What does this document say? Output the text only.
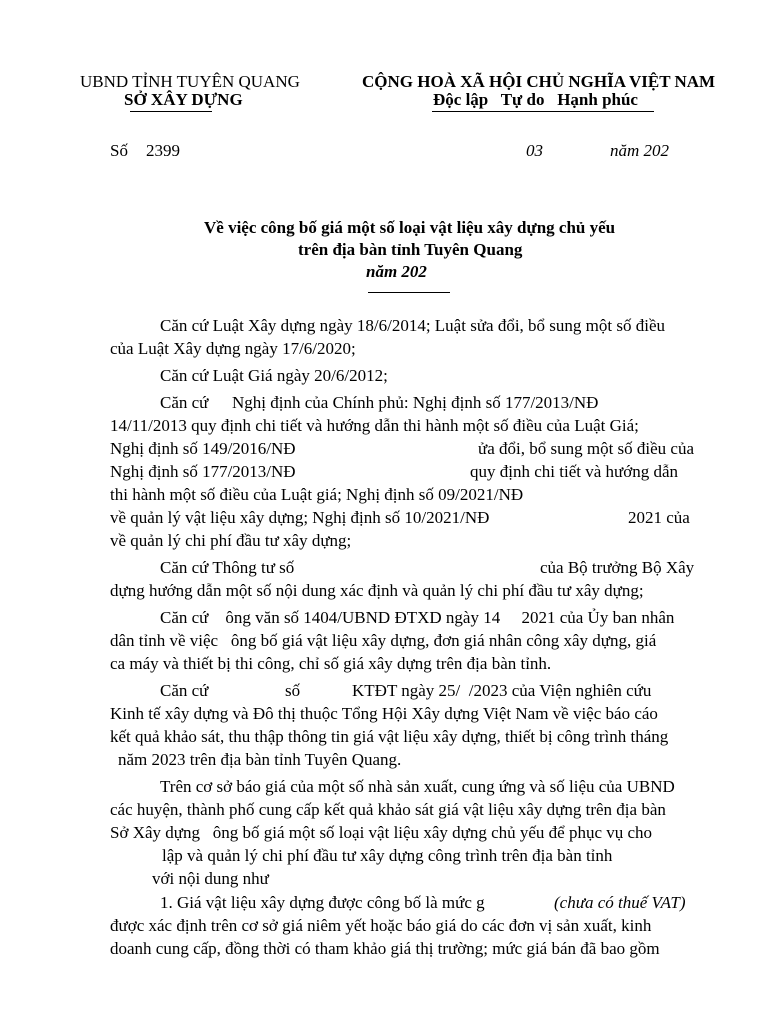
UBND TỈNH TUYÊN QUANG
SỞ XÂY DỰNG
CỘNG HOÀ XÃ HỘI CHỦ NGHĨA VIỆT NAM
Độc lập   Tự do   Hạnh phúc
Số 2399	03	năm 202
Về việc công bố giá một số loại vật liệu xây dựng chủ yếu
trên địa bàn tỉnh Tuyên Quang
năm 202
Căn cứ Luật Xây dựng ngày 18/6/2014; Luật sửa đổi, bổ sung một số điều
của Luật Xây dựng ngày 17/6/2020;
Căn cứ Luật Giá ngày 20/6/2012;
Căn cứ Nghị định của Chính phủ: Nghị định số 177/2013/NĐ
14/11/2013 quy định chi tiết và hướng dẫn thi hành một số điều của Luật Giá;
Nghị định số 149/2016/NĐ	ửa đổi, bổ sung một số điều của
Nghị định số 177/2013/NĐ	quy định chi tiết và hướng dẫn
thi hành một số điều của Luật giá; Nghị định số 09/2021/NĐ
về quản lý vật liệu xây dựng; Nghị định số 10/2021/NĐ	2021 của
về quản lý chi phí đầu tư xây dựng;
Căn cứ Thông tư số	của Bộ trưởng Bộ Xây
dựng hướng dẫn một số nội dung xác định và quản lý chi phí đầu tư xây dựng;
Căn cứ    ông văn số 1404/UBND ĐTXD ngày 14     2021 của Ủy ban nhân
dân tỉnh về việc   ông bố giá vật liệu xây dựng, đơn giá nhân công xây dựng, giá
ca máy và thiết bị thi công, chỉ số giá xây dựng trên địa bàn tỉnh.
Căn cứ	số	KTĐT ngày 25/  /2023 của Viện nghiên cứu
Kinh tế xây dựng và Đô thị thuộc Tổng Hội Xây dựng Việt Nam về việc báo cáo
kết quả khảo sát, thu thập thông tin giá vật liệu xây dựng, thiết bị công trình tháng
năm 2023 trên địa bàn tỉnh Tuyên Quang.
Trên cơ sở báo giá của một số nhà sản xuất, cung ứng và số liệu của UBND
các huyện, thành phố cung cấp kết quả khảo sát giá vật liệu xây dựng trên địa bàn
Sở Xây dựng   ông bố giá một số loại vật liệu xây dựng chủ yếu để phục vụ cho
lập và quản lý chi phí đầu tư xây dựng công trình trên địa bàn tỉnh
với nội dung như
1. Giá vật liệu xây dựng được công bố là mức g
được xác định trên cơ sở giá niêm yết hoặc báo giá do các đơn vị sản xuất, kinh
doanh cung cấp, đồng thời có tham khảo giá thị trường; mức giá bán đã bao gồm
(chưa có thuế VAT)
